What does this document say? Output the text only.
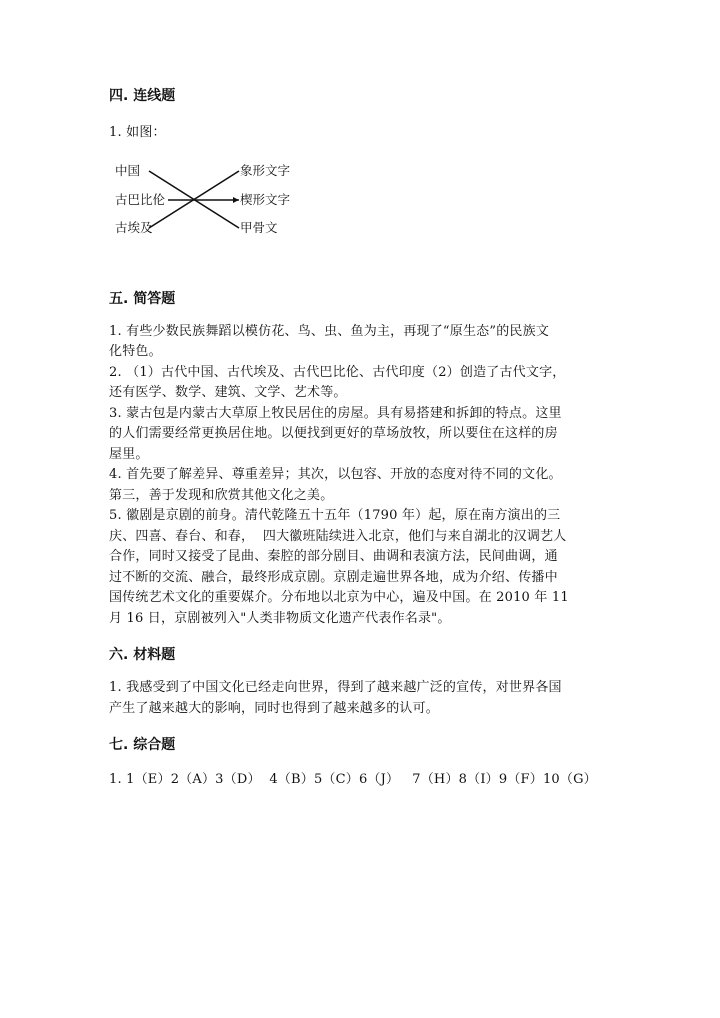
四. 连线题

1. 如图：

中国
古巴比伦
古埃及
象形文字
楔形文字
甲骨文
五. 简答题

1. 有些少数民族舞蹈以模仿花、鸟、虫、鱼为主，再现了“原生态”的民族文
化特色。

2. （1）古代中国、古代埃及、古代巴比伦、古代印度（2）创造了古代文字，
还有医学、数学、建筑、文学、艺术等。

3. 蒙古包是内蒙古大草原上牧民居住的房屋。具有易搭建和拆卸的特点。这里
的人们需要经常更换居住地。以便找到更好的草场放牧，所以要住在这样的房
屋里。

4. 首先要了解差异、尊重差异；其次，以包容、开放的态度对待不同的文化。
第三，善于发现和欣赏其他文化之美。

5. 徽剧是京剧的前身。清代乾隆五十五年（1790 年）起，原在南方演出的三
庆、四喜、春台、和春，  四大徽班陆续进入北京，他们与来自湖北的汉调艺人
合作，同时又接受了昆曲、秦腔的部分剧目、曲调和表演方法，民间曲调，通
过不断的交流、融合，最终形成京剧。京剧走遍世界各地，成为介绍、传播中
国传统艺术文化的重要媒介。分布地以北京为中心，遍及中国。在 2010 年 11
月 16 日，京剧被列入"人类非物质文化遗产代表作名录"。

六. 材料题

1. 我感受到了中国文化已经走向世界，得到了越来越广泛的宣传，对世界各国
产生了越来越大的影响，同时也得到了越来越多的认可。

七. 综合题

1. 1（E）2（A）3（D）  4（B）5（C）6（J）   7（H）8（I）9（F）10（G）
